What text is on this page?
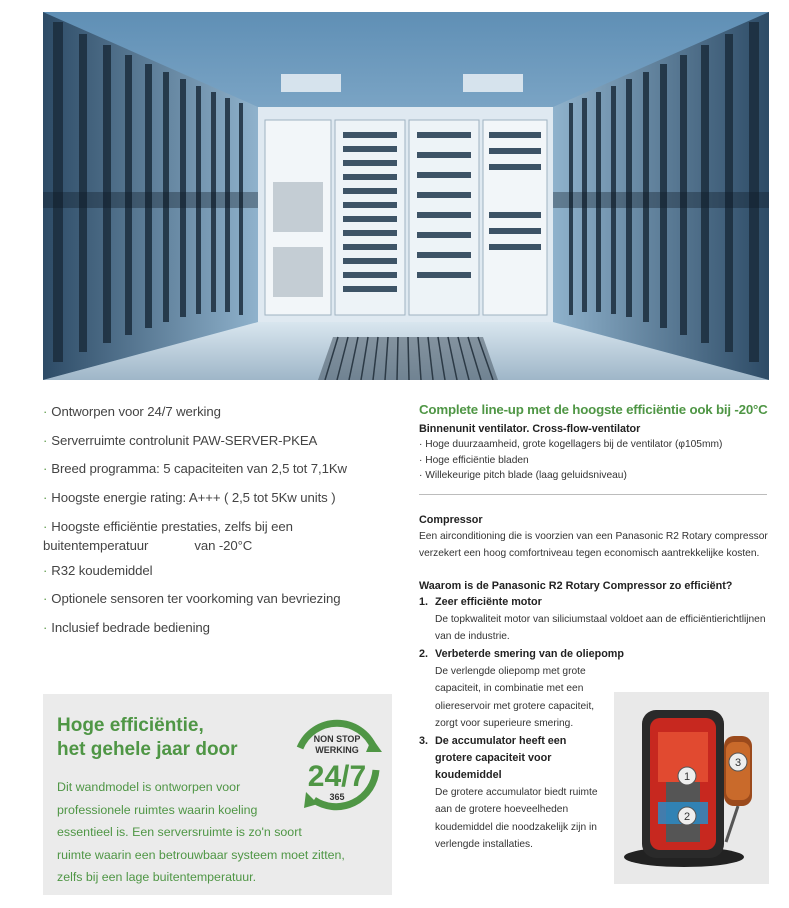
· Ontworpen voor 24/7 werking
· Serverruimte controlunit PAW-SERVER-PKEA
· Breed programma: 5 capaciteiten van 2,5 tot 7,1Kw
· Hoogste energie rating: A+++ ( 2,5 tot 5Kw units )
· Hoogste efficiëntie prestaties, zelfs bij een
buitentemperatuur	van -20°C
· R32 koudemiddel
· Optionele sensoren ter voorkoming van bevriezing
· Inclusief bedrade bediening

Complete line-up met de hoogste efficiëntie ook bij -20°C

Binnenunit ventilator. Cross-flow-ventilator

· Hoge duurzaamheid, grote kogellagers bij de ventilator (φ105mm)
· Hoge efficiëntie bladen
· Willekeurige pitch blade (laag geluidsniveau)

Compressor

Een airconditioning die is voorzien van een Panasonic R2 Rotary compressor verzekert een hoog comfortniveau tegen economisch aantrekkelijke kosten.

Waarom is de Panasonic R2 Rotary Compressor zo efficiënt?

1. Zeer efficiënte motor

De topkwaliteit motor van siliciumstaal voldoet aan de efficiëntierichtlijnen
van de industrie.

2. Verbeterde smering van de oliepomp

De verlengde oliepomp met grote
capaciteit, in combinatie met een
oliereservoir met grotere capaciteit,
zorgt voor superieure smering.

3. De accumulator heeft een
grotere capaciteit voor
koudemiddel

De grotere accumulator biedt ruimte
aan de grotere hoeveelheden
koudemiddel die noodzakelijk zijn in
verlengde installaties.

Hoge efficiëntie,
het gehele jaar door

Dit wandmodel is ontworpen voor
professionele ruimtes waarin koeling
essentieel is. Een serversruimte is zo'n soort
ruimte waarin een betrouwbaar systeem moet zitten,
zelfs bij een lage buitentemperatuur.

NON STOP
WERKING
24/7
365
1
2
3
